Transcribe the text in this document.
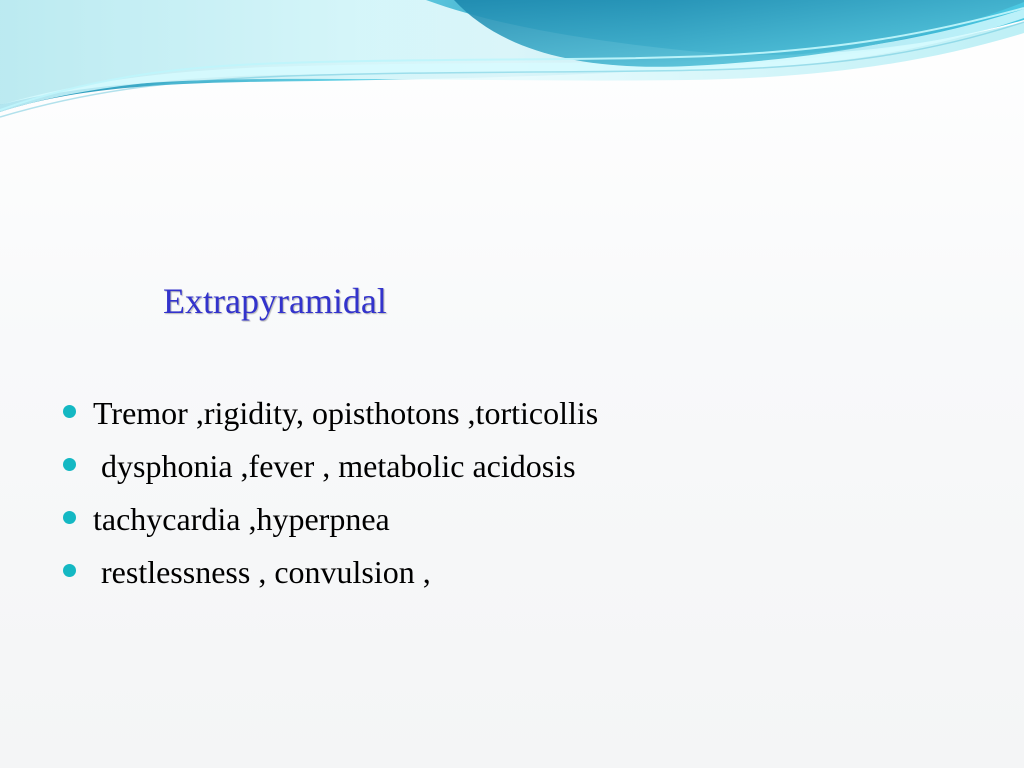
Extrapyramidal
Tremor ,rigidity, opisthotons ,torticollis
dysphonia ,fever , metabolic acidosis
tachycardia ,hyperpnea
restlessness , convulsion ,
